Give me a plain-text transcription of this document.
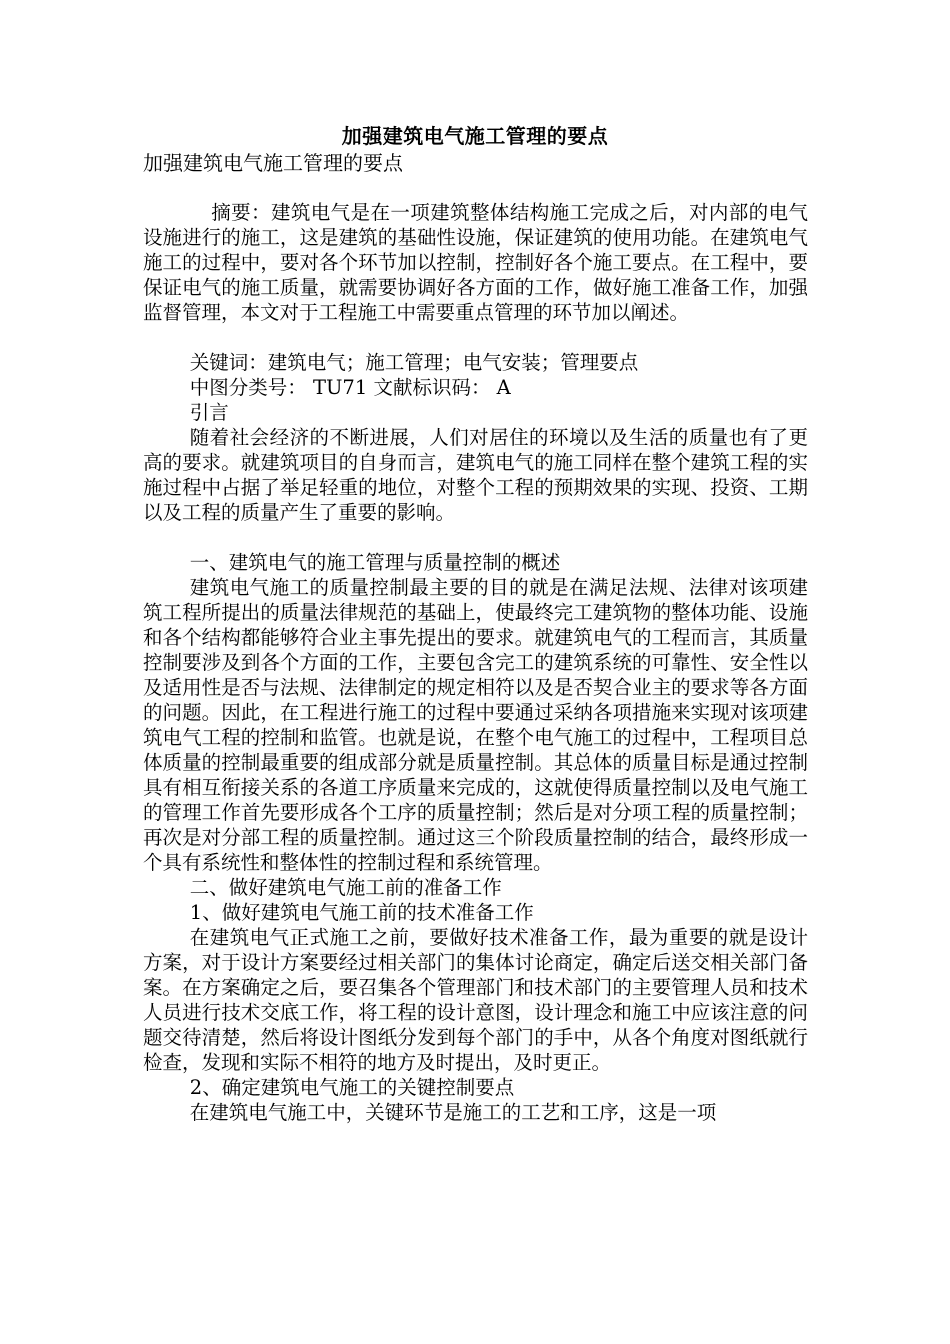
加强建筑电气施工管理的要点
加强建筑电气施工管理的要点

摘要：建筑电气是在一项建筑整体结构施工完成之后，对内部的电气设施进行的施工，这是建筑的基础性设施，保证建筑的使用功能。在建筑电气施工的过程中，要对各个环节加以控制，控制好各个施工要点。在工程中，要保证电气的施工质量，就需要协调好各方面的工作，做好施工准备工作，加强监督管理，本文对于工程施工中需要重点管理的环节加以阐述。

关键词：建筑电气；施工管理；电气安装；管理要点

中图分类号： TU71 文献标识码： A

引言

随着社会经济的不断进展，人们对居住的环境以及生活的质量也有了更高的要求。就建筑项目的自身而言，建筑电气的施工同样在整个建筑工程的实施过程中占据了举足轻重的地位，对整个工程的预期效果的实现、投资、工期以及工程的质量产生了重要的影响。

一、建筑电气的施工管理与质量控制的概述

建筑电气施工的质量控制最主要的目的就是在满足法规、法律对该项建筑工程所提出的质量法律规范的基础上，使最终完工建筑物的整体功能、设施和各个结构都能够符合业主事先提出的要求。就建筑电气的工程而言，其质量控制要涉及到各个方面的工作，主要包含完工的建筑系统的可靠性、安全性以及适用性是否与法规、法律制定的规定相符以及是否契合业主的要求等各方面的问题。因此，在工程进行施工的过程中要通过采纳各项措施来实现对该项建筑电气工程的控制和监管。也就是说，在整个电气施工的过程中，工程项目总体质量的控制最重要的组成部分就是质量控制。其总体的质量目标是通过控制具有相互衔接关系的各道工序质量来完成的，这就使得质量控制以及电气施工的管理工作首先要形成各个工序的质量控制；然后是对分项工程的质量控制；再次是对分部工程的质量控制。通过这三个阶段质量控制的结合，最终形成一个具有系统性和整体性的控制过程和系统管理。

二、做好建筑电气施工前的准备工作

1、做好建筑电气施工前的技术准备工作

在建筑电气正式施工之前，要做好技术准备工作，最为重要的就是设计方案，对于设计方案要经过相关部门的集体讨论商定，确定后送交相关部门备案。在方案确定之后，要召集各个管理部门和技术部门的主要管理人员和技术人员进行技术交底工作，将工程的设计意图，设计理念和施工中应该注意的问题交待清楚，然后将设计图纸分发到每个部门的手中，从各个角度对图纸就行检查，发现和实际不相符的地方及时提出，及时更正。

2、确定建筑电气施工的关键控制要点

在建筑电气施工中，关键环节是施工的工艺和工序，这是一项
